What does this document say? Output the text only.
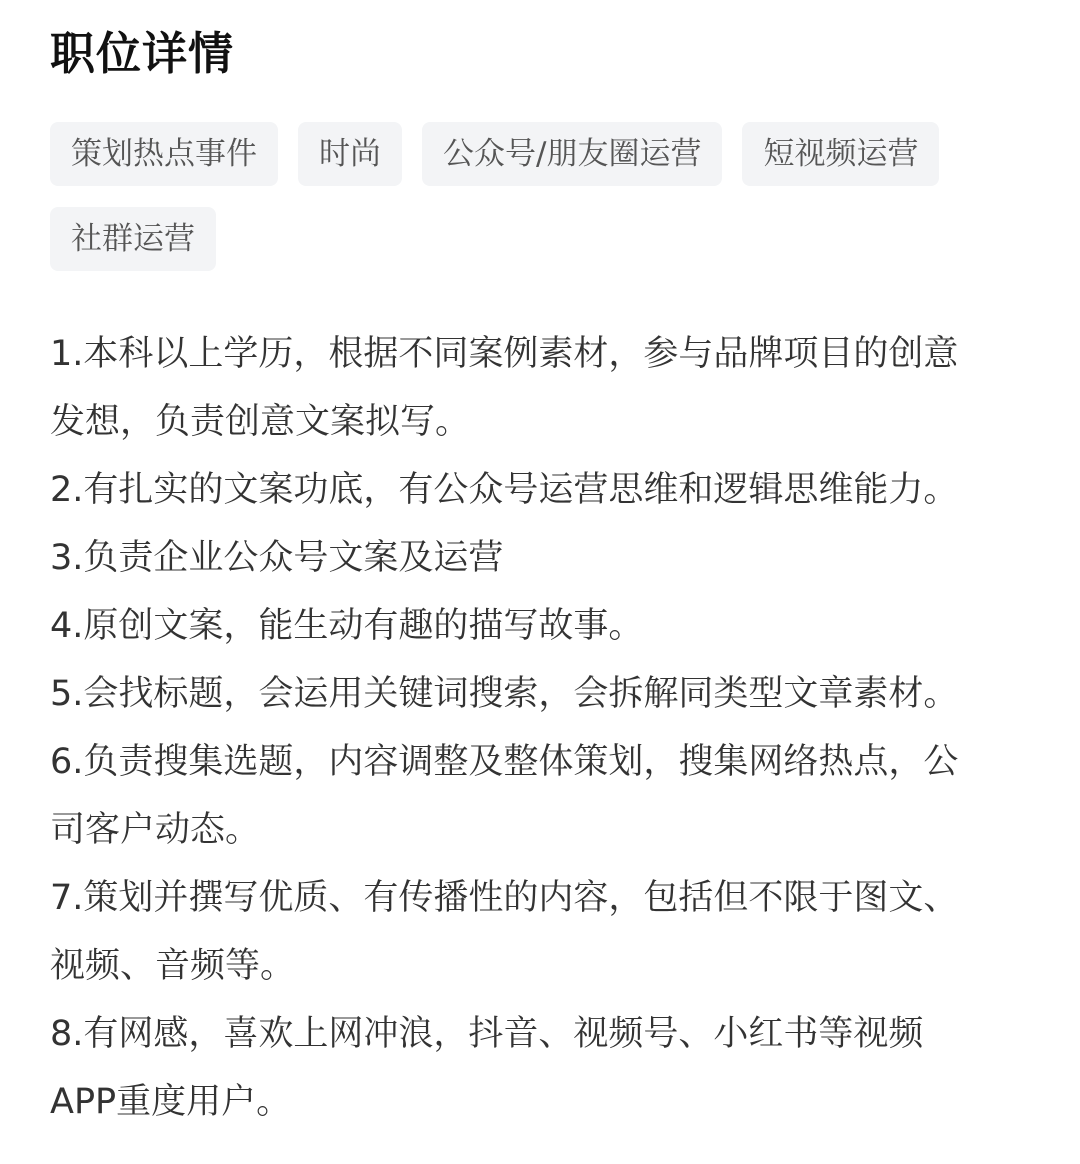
职位详情
策划热点事件	时尚	公众号/朋友圈运营	短视频运营
社群运营
1.本科以上学历，根据不同案例素材，参与品牌项目的创意
发想，负责创意文案拟写。
2.有扎实的文案功底，有公众号运营思维和逻辑思维能力。
3.负责企业公众号文案及运营
4.原创文案，能生动有趣的描写故事。
5.会找标题，会运用关键词搜索，会拆解同类型文章素材。
6.负责搜集选题，内容调整及整体策划，搜集网络热点，公
司客户动态。
7.策划并撰写优质、有传播性的内容，包括但不限于图文、
视频、音频等。
8.有网感，喜欢上网冲浪，抖音、视频号、小红书等视频
APP重度用户。
